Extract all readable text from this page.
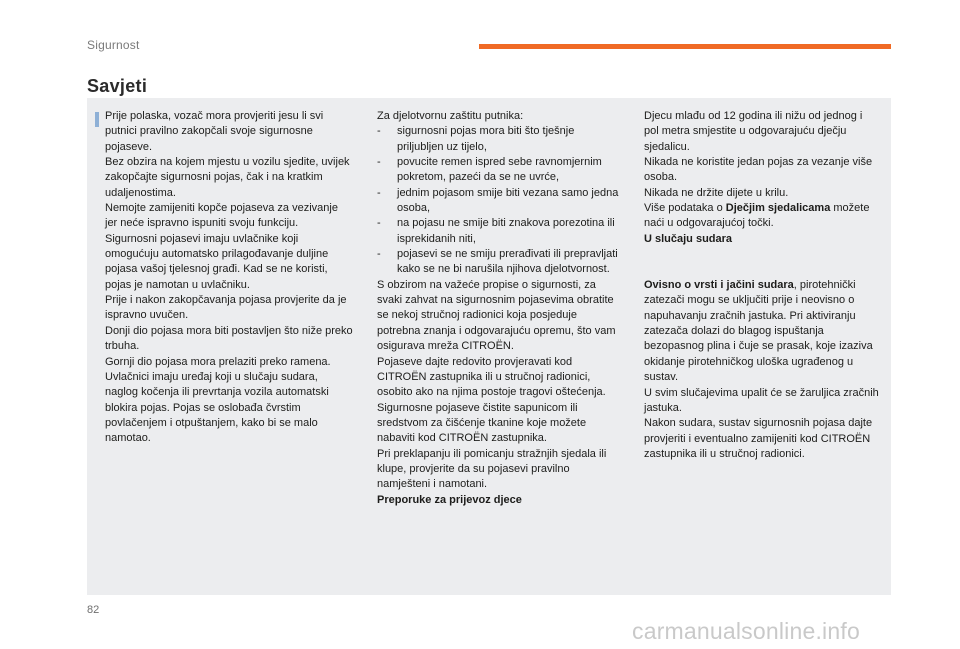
Sigurnost
Savjeti

Prije polaska, vozač mora provjeriti jesu li svi putnici pravilno zakopčali svoje sigurnosne pojaseve.

Bez obzira na kojem mjestu u vozilu sjedite, uvijek zakopčajte sigurnosni pojas, čak i na kratkim udaljenostima.

Nemojte zamijeniti kopče pojaseva za vezivanje jer neće ispravno ispuniti svoju funkciju.

Sigurnosni pojasevi imaju uvlačnike koji omogućuju automatsko prilagođavanje duljine pojasa vašoj tjelesnoj građi. Kad se ne koristi, pojas je namotan u uvlačniku.

Prije i nakon zakopčavanja pojasa provjerite da je ispravno uvučen.

Donji dio pojasa mora biti postavljen što niže preko trbuha.

Gornji dio pojasa mora prelaziti preko ramena.

Uvlačnici imaju uređaj koji u slučaju sudara, naglog kočenja ili prevrtanja vozila automatski blokira pojas. Pojas se oslobađa čvrstim povlačenjem i otpuštanjem, kako bi se malo namotao.

Za djelotvornu zaštitu putnika:

- sigurnosni pojas mora biti što tješnje priljubljen uz tijelo,
- povucite remen ispred sebe ravnomjernim pokretom, pazeći da se ne uvrće,
- jednim pojasom smije biti vezana samo jedna osoba,
- na pojasu ne smije biti znakova porezotina ili isprekidanih niti,
- pojasevi se ne smiju prerađivati ili prepravljati kako se ne bi narušila njihova djelotvornost.

S obzirom na važeće propise o sigurnosti, za svaki zahvat na sigurnosnim pojasevima obratite se nekoj stručnoj radionici koja posjeduje potrebna znanja i odgovarajuću opremu, što vam osigurava mreža CITROËN.

Pojaseve dajte redovito provjeravati kod CITROËN zastupnika ili u stručnoj radionici, osobito ako na njima postoje tragovi oštećenja.

Sigurnosne pojaseve čistite sapunicom ili sredstvom za čišćenje tkanine koje možete nabaviti kod CITROËN zastupnika.

Pri preklapanju ili pomicanju stražnjih sjedala ili klupe, provjerite da su pojasevi pravilno namješteni i namotani.

Preporuke za prijevoz djece

Djecu mlađu od 12 godina ili nižu od jednog i pol metra smjestite u odgovarajuću dječju sjedalicu.

Nikada ne koristite jedan pojas za vezanje više osoba.

Nikada ne držite dijete u krilu.

Više podataka o Dječjim sjedalicama možete naći u odgovarajućoj točki.

U slučaju sudara

Ovisno o vrsti i jačini sudara, pirotehnički zatezači mogu se uključiti prije i neovisno o napuhavanju zračnih jastuka. Pri aktiviranju zatezača dolazi do blagog ispuštanja bezopasnog plina i čuje se prasak, koje izaziva okidanje pirotehničkog uloška ugrađenog u sustav.

U svim slučajevima upalit će se žaruljica zračnih jastuka.

Nakon sudara, sustav sigurnosnih pojasa dajte provjeriti i eventualno zamijeniti kod CITROËN zastupnika ili u stručnoj radionici.

82
carmanualsonline.info
